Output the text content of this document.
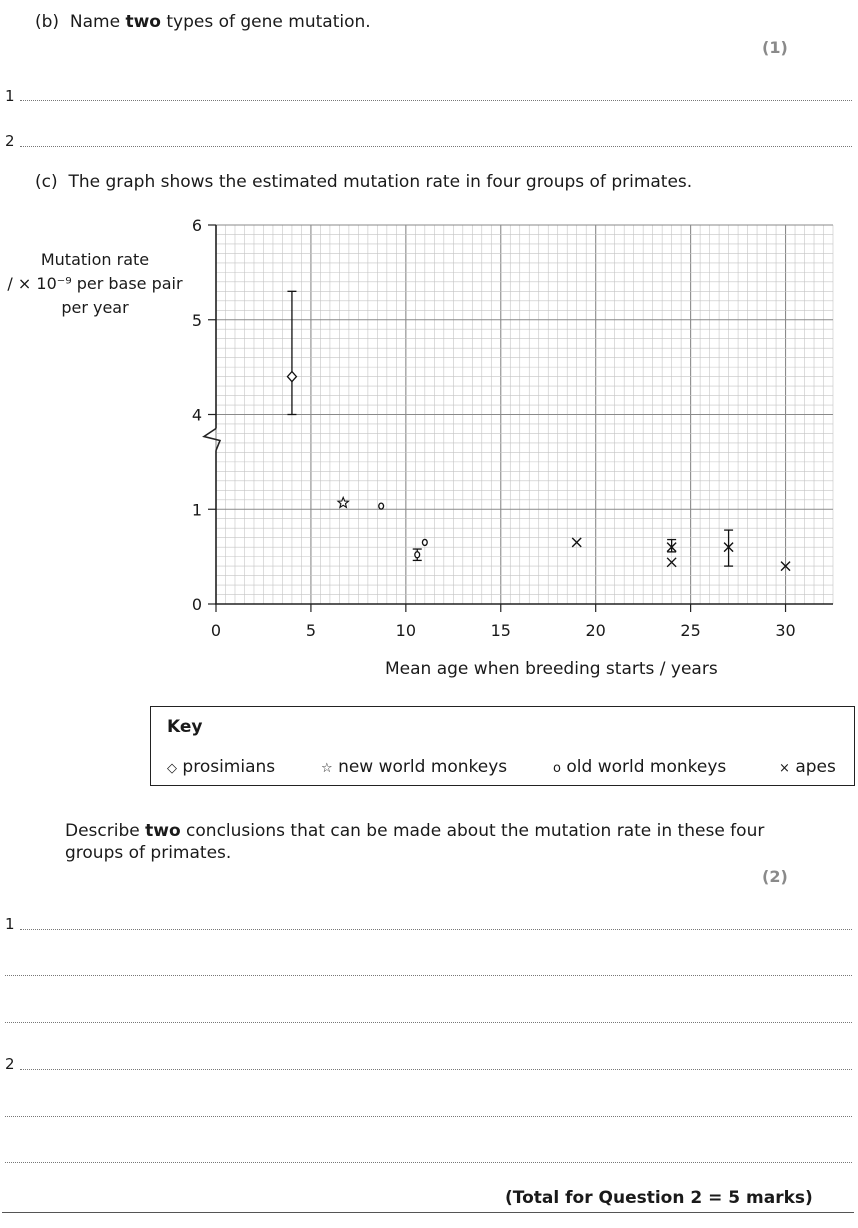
(b) Name two types of gene mutation.
(1)
1
2
(c) The graph shows the estimated mutation rate in four groups of primates.
Mutation rate
/ × 10⁻⁹ per base pair
per year
0
1
4
5
6
0	5	10	15	20	25	30
Mean age when breeding starts / years
Key
◇ prosimians	☆ new world monkeys	o old world monkeys	× apes
Describe two conclusions that can be made about the mutation rate in these four
groups of primates.
(2)
1
2
(Total for Question 2 = 5 marks)
